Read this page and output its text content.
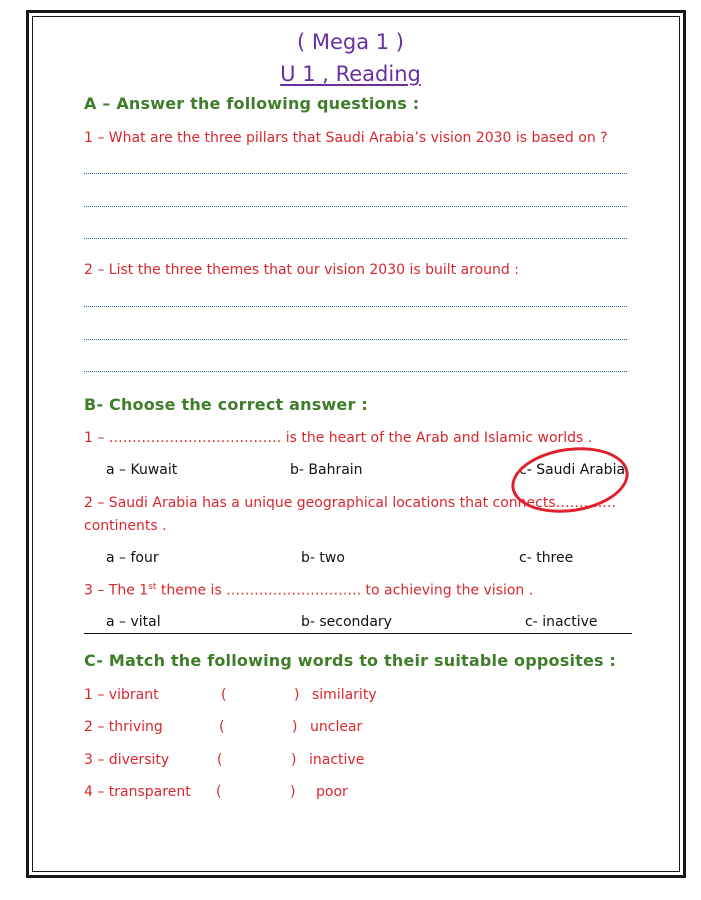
( Mega 1 )
U 1 , Reading
A – Answer the following questions :
1 – What are the three pillars that Saudi Arabia’s vision 2030 is based on ?
2 – List the three themes that our vision 2030 is built around :
B- Choose the correct answer :
1 – ………………………………. is the heart of the Arab and Islamic worlds .
a – Kuwait	b- Bahrain	c- Saudi Arabia
2 – Saudi Arabia has a unique geographical locations that connects………….
continents .
a – four	b- two	c- three
3 – The 1st theme is ……………………….. to achieving the vision .
a – vital	b- secondary	c- inactive
C- Match the following words to their suitable opposites :
1 – vibrant	(	) similarity
2 – thriving	(	) unclear
3 – diversity	(	) inactive
4 – transparent (	) poor
